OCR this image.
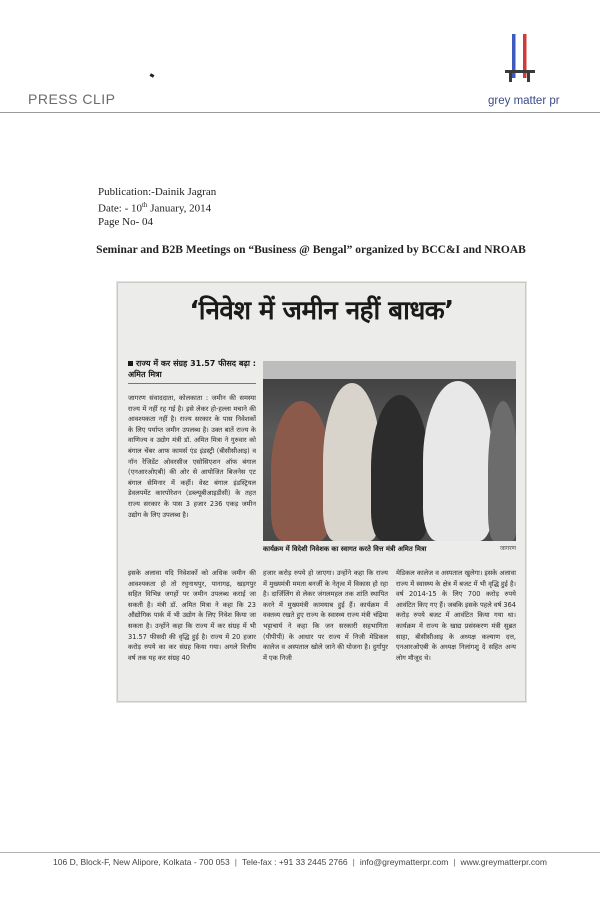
PRESS CLIP	grey matter pr
Publication:-Dainik Jagran
Date: - 10th January, 2014
Page No- 04
Seminar and B2B Meetings on “Business @ Bengal” organized by BCC&I and NROAB
‘निवेश में जमीन नहीं बाधक’
राज्य में कर संग्रह 31.57 फीसद बढ़ा : अमित मित्रा

जागरण संवाददाता, कोलकाता : जमीन की समस्या राज्य में नहीं रह गई है। इसे लेकर हो-हल्ला मचाने की आवश्यकता नहीं है। राज्य सरकार के पास निवेशकों के लिए पर्याप्त जमीन उपलब्ध है। उक्त बातें राज्य के वाणिज्य व उद्योग मंत्री डॉ. अमित मित्रा ने गुरुवार को बंगाल चेंबर आफ कामर्स एंड इंडस्ट्री (बीसीसीआइ) व नॉन रेजिडेंट ओवरसीज एसोसिएशन ऑफ बंगाल (एनआरओएबी) की ओर से आयोजित बिजनेस एट बंगाल सेमिनार में कहीं। वेस्ट बंगाल इंडस्ट्रियल डेवलपमेंट कारपोरेशन (डब्ल्यूबीआइडीसी) के तहत राज्य सरकार के पास 3 हजार 236 एकड़ जमीन उद्योग के लिए उपलब्ध है।

कार्यक्रम में विदेशी निवेशक का स्वागत करते वित्त मंत्री अमित मित्रा	जागरण

इसके अलावा यदि निवेशकों को अधिक जमीन की आवश्यकता हो तो रघुनाथपुर, पानागढ़, खड़गपुर सहित विभिन्न जगहों पर जमीन उपलब्ध कराई जा सकती है। मंत्री डॉ. अमित मित्रा ने कहा कि 23 औद्योगिक पार्क में भी उद्योग के लिए निवेश किया जा सकता है। उन्होंने कहा कि राज्य में कर संग्रह में भी 31.57 फीसदी की वृद्धि हुई है। राज्य में 20 हजार करोड़ रुपये का कर संग्रह किया गया। अगले वित्तीय वर्ष तक यह कर संग्रह 40

हजार करोड़ रुपये हो जाएगा। उन्होंने कहा कि राज्य में मुख्यमंत्री ममता बनर्जी के नेतृत्व में विकास हो रहा है। दार्जिलिंग से लेकर जंगलमहल तक शांति स्थापित करने में मुख्यमंत्री कामयाब हुई हैं। कार्यक्रम में वक्तव्य रखते हुए राज्य के स्वास्थ्य राज्य मंत्री चंद्रिमा भट्टाचार्य ने कहा कि जन सरकारी सहभागिता (पीपीपी) के आधार पर राज्य में निजी मेडिकल कालेज व अस्पताल खोले जाने की योजना है। दुर्गापुर में एक निजी

मेडिकल कालेज व अस्पताल खुलेगा। इसके अलावा राज्य में स्वास्थ्य के क्षेत्र में बजट में भी वृद्धि हुई है। वर्ष 2014-15 के लिए 700 करोड़ रुपये आवंटित किए गए हैं। जबकि इसके पहले वर्ष 364 करोड़ रुपये बजट में आवंटित किया गया था। कार्यक्रम में राज्य के खाद्य प्रसंस्करण मंत्री सुब्रत साहा, बीसीसीआइ के अध्यक्ष कल्याण दत्त, एनआरओएबी के अध्यक्ष निलांगशु दे सहित अन्य लोग मौजूद थे।

106 D, Block-F, New Alipore, Kolkata - 700 053 | Tele-fax : +91 33 2445 2766 | info@greymatterpr.com | www.greymatterpr.com
